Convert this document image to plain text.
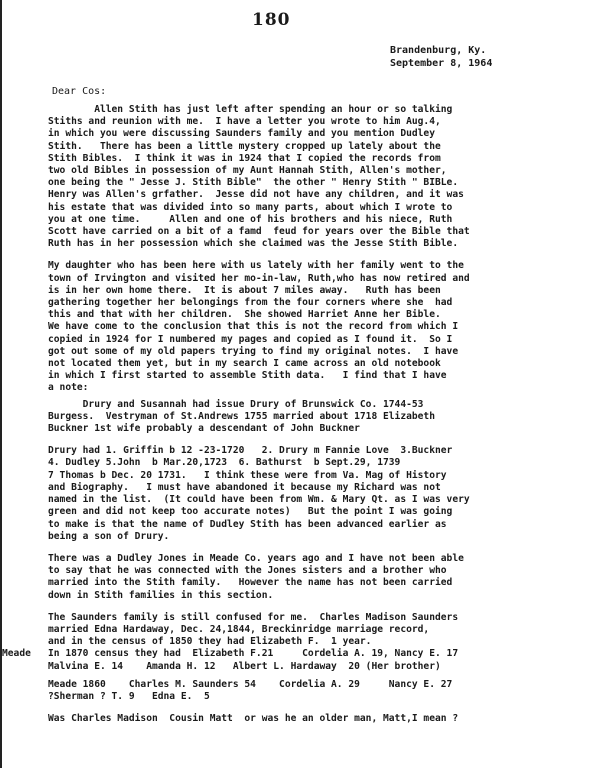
180
Brandenburg, Ky.
September 8, 1964
Dear Cos:
Allen Stith has just left after spending an hour or so talking
Stiths and reunion with me.  I have a letter you wrote to him Aug.4,
in which you were discussing Saunders family and you mention Dudley
Stith.   There has been a little mystery cropped up lately about the
Stith Bibles.  I think it was in 1924 that I copied the records from
two old Bibles in possession of my Aunt Hannah Stith, Allen's mother,
one being the " Jesse J. Stith Bible"  the other " Henry Stith " BIBLe.
Henry was Allen's grfather.  Jesse did not have any children, and it was
his estate that was divided into so many parts, about which I wrote to
you at one time.     Allen and one of his brothers and his niece, Ruth
Scott have carried on a bit of a famd  feud for years over the Bible that
Ruth has in her possession which she claimed was the Jesse Stith Bible.
My daughter who has been here with us lately with her family went to the
town of Irvington and visited her mo-in-law, Ruth,who has now retired and
is in her own home there.  It is about 7 miles away.   Ruth has been
gathering together her belongings from the four corners where she  had
this and that with her children.  She showed Harriet Anne her Bible.
We have come to the conclusion that this is not the record from which I
copied in 1924 for I numbered my pages and copied as I found it.  So I
got out some of my old papers trying to find my original notes.  I have
not located them yet, but in my search I came across an old notebook
in which I first started to assemble Stith data.   I find that I have
a note:
Drury and Susannah had issue Drury of Brunswick Co. 1744-53
Burgess.  Vestryman of St.Andrews 1755 married about 1718 Elizabeth
Buckner 1st wife probably a descendant of John Buckner
Drury had 1. Griffin b 12 -23-1720   2. Drury m Fannie Love  3.Buckner
4. Dudley 5.John  b Mar.20,1723  6. Bathurst  b Sept.29, 1739
7 Thomas b Dec. 20 1731.   I think these were from Va. Mag of History
and Biography.   I must have abandoned it because my Richard was not
named in the list.  (It could have been from Wm. & Mary Qt. as I was very
green and did not keep too accurate notes)   But the point I was going
to make is that the name of Dudley Stith has been advanced earlier as
being a son of Drury.
There was a Dudley Jones in Meade Co. years ago and I have not been able
to say that he was connected with the Jones sisters and a brother who
married into the Stith family.   However the name has not been carried
down in Stith families in this section.
The Saunders family is still confused for me.  Charles Madison Saunders
married Edna Hardaway, Dec. 24,1844, Breckinridge marriage record,
and in the census of 1850 they had Elizabeth F.  1 year.
In 1870 census they had  Elizabeth F.21     Cordelia A. 19, Nancy E. 17
Meade
Malvina E. 14    Amanda H. 12   Albert L. Hardaway  20 (Her brother)
Meade 1860    Charles M. Saunders 54    Cordelia A. 29     Nancy E. 27
?Sherman ? T. 9   Edna E.  5
Was Charles Madison  Cousin Matt  or was he an older man, Matt,I mean ?
